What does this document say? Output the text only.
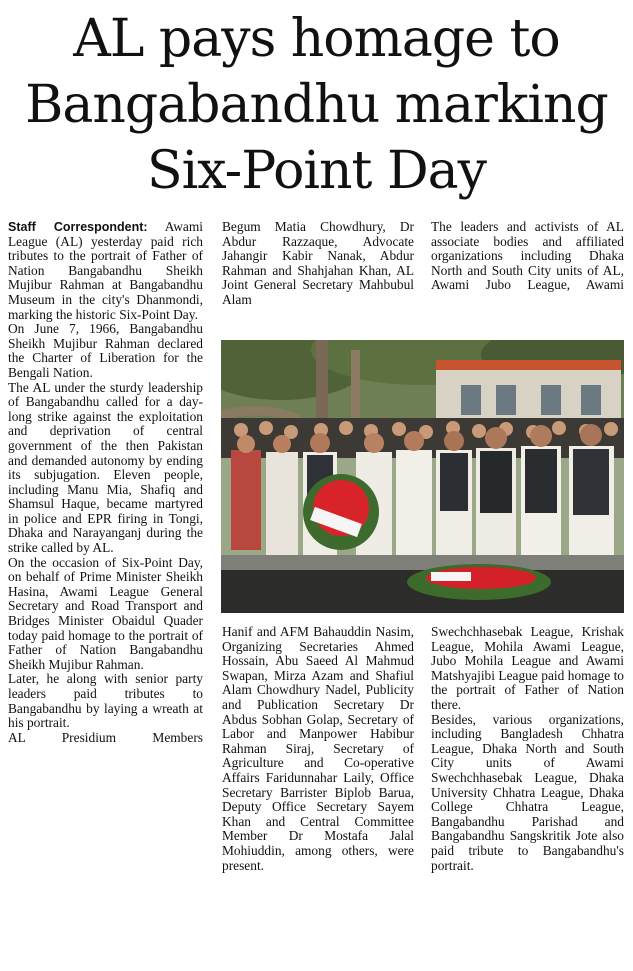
AL pays homage to Bangabandhu marking Six-Point Day

Staff Correspondent: Awami League (AL) yesterday paid rich tributes to the portrait of Father of Nation Bangabandhu Sheikh Mujibur Rahman at Bangabandhu Museum in the city's Dhanmondi, marking the historic Six-Point Day.

On June 7, 1966, Bangabandhu Sheikh Mujibur Rahman declared the Charter of Liberation for the Bengali Nation.

The AL under the sturdy leadership of Bangabandhu called for a day-long strike against the exploitation and deprivation of central government of the then Pakistan and demanded autonomy by ending its subjugation. Eleven people, including Manu Mia, Shafiq and Shamsul Haque, became martyred in police and EPR firing in Tongi, Dhaka and Narayanganj during the strike called by AL.

On the occasion of Six-Point Day, on behalf of Prime Minister Sheikh Hasina, Awami League General Secretary and Road Transport and Bridges Minister Obaidul Quader today paid homage to the portrait of Father of Nation Bangabandhu Sheikh Mujibur Rahman.

Later, he along with senior party leaders paid tributes to Bangabandhu by laying a wreath at his portrait.

AL Presidium Members

Begum Matia Chowdhury, Dr Abdur Razzaque, Advocate Jahangir Kabir Nanak, Abdur Rahman and Shahjahan Khan, AL Joint General Secretary Mahbubul Alam

The leaders and activists of AL associate bodies and affiliated organizations including Dhaka North and South City units of AL, Awami Jubo League, Awami

Hanif and AFM Bahauddin Nasim, Organizing Secretaries Ahmed Hossain, Abu Saeed Al Mahmud Swapan, Mirza Azam and Shafiul Alam Chowdhury Nadel, Publicity and Publication Secretary Dr Abdus Sobhan Golap, Secretary of Labor and Manpower Habibur Rahman Siraj, Secretary of Agriculture and Co-operative Affairs Faridunnahar Laily, Office Secretary Barrister Biplob Barua, Deputy Office Secretary Sayem Khan and Central Committee Member Dr Mostafa Jalal Mohiuddin, among others, were present.

Swechchhasebak League, Krishak League, Mohila Awami League, Jubo Mohila League and Awami Matshyajibi League paid homage to the portrait of Father of Nation there.

Besides, various organizations, including Bangladesh Chhatra League, Dhaka North and South City units of Awami Swechchhasebak League, Dhaka University Chhatra League, Dhaka College Chhatra League, Bangabandhu Parishad and Bangabandhu Sangskritik Jote also paid tribute to Bangabandhu's portrait.
